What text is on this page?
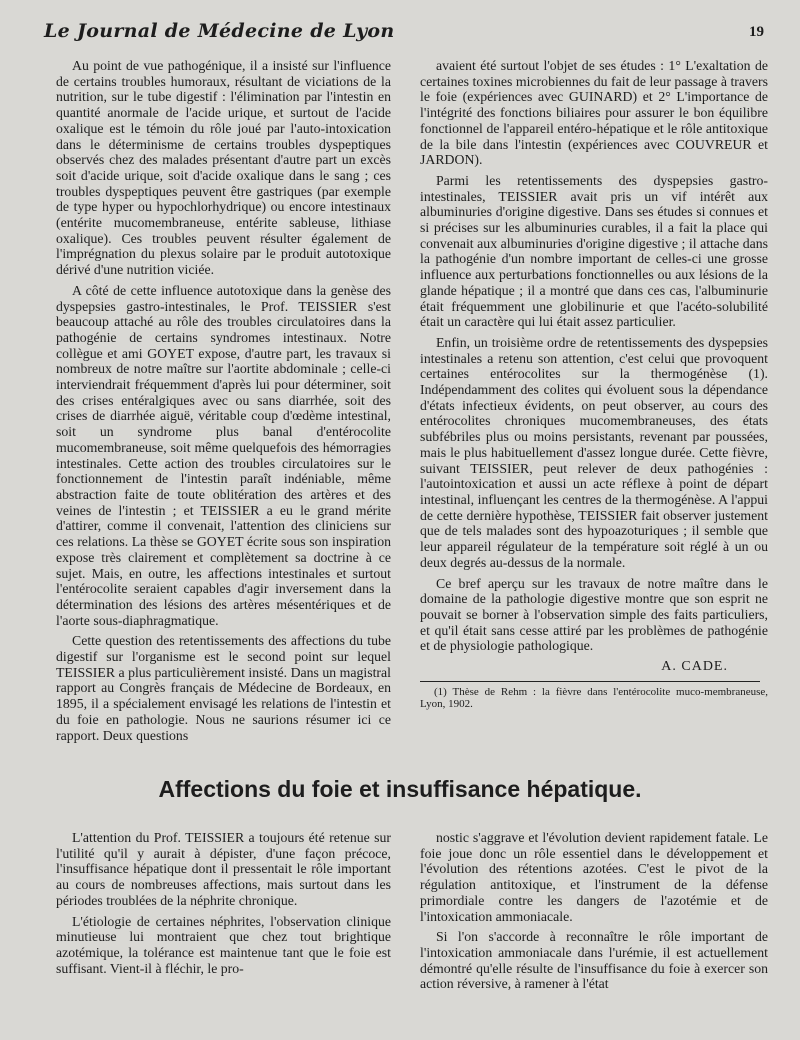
Le Journal de Médecine de Lyon	19

Au point de vue pathogénique, il a insisté sur l'influence de certains troubles humoraux, résultant de viciations de la nutrition, sur le tube digestif : l'élimination par l'intestin en quantité anormale de l'acide urique, et surtout de l'acide oxalique est le témoin du rôle joué par l'auto-intoxication dans le déterminisme de certains troubles dyspeptiques observés chez des malades présentant d'autre part un excès soit d'acide urique, soit d'acide oxalique dans le sang ; ces troubles dyspeptiques peuvent être gastriques (par exemple de type hyper ou hypochlorhydrique) ou encore intestinaux (entérite mucomembraneuse, entérite sableuse, lithiase oxalique). Ces troubles peuvent résulter également de l'imprégnation du plexus solaire par le produit autotoxique dérivé d'une nutrition viciée.

A côté de cette influence autotoxique dans la genèse des dyspepsies gastro-intestinales, le Prof. TEISSIER s'est beaucoup attaché au rôle des troubles circulatoires dans la pathogénie de certains syndromes intestinaux. Notre collègue et ami GOYET expose, d'autre part, les travaux si nombreux de notre maître sur l'aortite abdominale ; celle-ci interviendrait fréquemment d'après lui pour déterminer, soit des crises entéralgiques avec ou sans diarrhée, soit des crises de diarrhée aiguë, véritable coup d'œdème intestinal, soit un syndrome plus banal d'entérocolite mucomembraneuse, soit même quelquefois des hémorragies intestinales. Cette action des troubles circulatoires sur le fonctionnement de l'intestin paraît indéniable, même abstraction faite de toute oblitération des artères et des veines de l'intestin ; et TEISSIER a eu le grand mérite d'attirer, comme il convenait, l'attention des cliniciens sur ces relations. La thèse se GOYET écrite sous son inspiration expose très clairement et complètement sa doctrine à ce sujet. Mais, en outre, les affections intestinales et surtout l'entérocolite seraient capables d'agir inversement dans la détermination des lésions des artères mésentériques et de l'aorte sous-diaphragmatique.

Cette question des retentissements des affections du tube digestif sur l'organisme est le second point sur lequel TEISSIER a plus particulièrement insisté. Dans un magistral rapport au Congrès français de Médecine de Bordeaux, en 1895, il a spécialement envisagé les relations de l'intestin et du foie en pathologie. Nous ne saurions résumer ici ce rapport. Deux questions

avaient été surtout l'objet de ses études : 1° L'exaltation de certaines toxines microbiennes du fait de leur passage à travers le foie (expériences avec GUINARD) et 2° L'importance de l'intégrité des fonctions biliaires pour assurer le bon équilibre fonctionnel de l'appareil entéro-hépatique et le rôle antitoxique de la bile dans l'intestin (expériences avec COUVREUR et JARDON).

Parmi les retentissements des dyspepsies gastro-intestinales, TEISSIER avait pris un vif intérêt aux albuminuries d'origine digestive. Dans ses études si connues et si précises sur les albuminuries curables, il a fait la place qui convenait aux albuminuries d'origine digestive ; il attache dans la pathogénie d'un nombre important de celles-ci une grosse influence aux perturbations fonctionnelles ou aux lésions de la glande hépatique ; il a montré que dans ces cas, l'albuminurie était fréquemment une globilinurie et que l'acéto-solubilité était un caractère qui lui était assez particulier.

Enfin, un troisième ordre de retentissements des dyspepsies intestinales a retenu son attention, c'est celui que provoquent certaines entérocolites sur la thermogénèse (1). Indépendamment des colites qui évoluent sous la dépendance d'états infectieux évidents, on peut observer, au cours des entérocolites chroniques mucomembraneuses, des états subfébriles plus ou moins persistants, revenant par poussées, mais le plus habituellement d'assez longue durée. Cette fièvre, suivant TEISSIER, peut relever de deux pathogénies : l'autointoxication et aussi un acte réflexe à point de départ intestinal, influençant les centres de la thermogénèse. A l'appui de cette dernière hypothèse, TEISSIER fait observer justement que de tels malades sont des hypoazoturiques ; il semble que leur appareil régulateur de la température soit réglé à un ou deux degrés au-dessus de la normale.

Ce bref aperçu sur les travaux de notre maître dans le domaine de la pathologie digestive montre que son esprit ne pouvait se borner à l'observation simple des faits particuliers, et qu'il était sans cesse attiré par les problèmes de pathogénie et de physiologie pathologique.

A. CADE.
(1) Thèse de Rehm : la fièvre dans l'entérocolite muco-membraneuse, Lyon, 1902.
Affections du foie et insuffisance hépatique.

L'attention du Prof. TEISSIER a toujours été retenue sur l'utilité qu'il y aurait à dépister, d'une façon précoce, l'insuffisance hépatique dont il pressentait le rôle important au cours de nombreuses affections, mais surtout dans les périodes troublées de la néphrite chronique.

L'étiologie de certaines néphrites, l'observation clinique minutieuse lui montraient que chez tout brightique azotémique, la tolérance est maintenue tant que le foie est suffisant. Vient-il à fléchir, le pro-

nostic s'aggrave et l'évolution devient rapidement fatale. Le foie joue donc un rôle essentiel dans le développement et l'évolution des rétentions azotées. C'est le pivot de la régulation antitoxique, et l'instrument de la défense primordiale contre les dangers de l'azotémie et de l'intoxication ammoniacale.

Si l'on s'accorde à reconnaître le rôle important de l'intoxication ammoniacale dans l'urémie, il est actuellement démontré qu'elle résulte de l'insuffisance du foie à exercer son action réversive, à ramener à l'état
